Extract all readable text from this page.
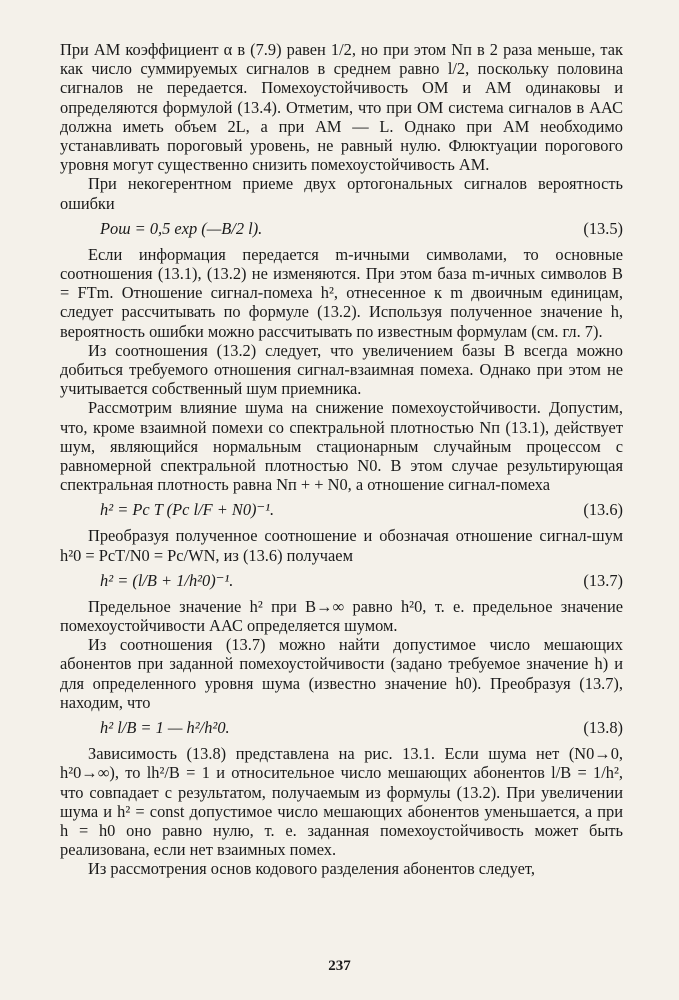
При АМ коэффициент α в (7.9) равен 1/2, но при этом Nп в 2 раза меньше, так как число суммируемых сигналов в среднем равно l/2, поскольку половина сигналов не передается. Помехоустойчивость ОМ и АМ одинаковы и определяются формулой (13.4). Отметим, что при ОМ система сигналов в ААС должна иметь объем 2L, а при АМ — L. Однако при АМ необходимо устанавливать пороговый уровень, не равный нулю. Флюктуации порогового уровня могут существенно снизить помехоустойчивость АМ.

При некогерентном приеме двух ортогональных сигналов вероятность ошибки

Pош = 0,5 exp (—B/2 l).	(13.5)

Если информация передается m-ичными символами, то основные соотношения (13.1), (13.2) не изменяются. При этом база m-ичных символов B = FTm. Отношение сигнал-помеха h², отнесенное к m двоичным единицам, следует рассчитывать по формуле (13.2). Используя полученное значение h, вероятность ошибки можно рассчитывать по известным формулам (см. гл. 7).

Из соотношения (13.2) следует, что увеличением базы B всегда можно добиться требуемого отношения сигнал-взаимная помеха. Однако при этом не учитывается собственный шум приемника.

Рассмотрим влияние шума на снижение помехоустойчивости. Допустим, что, кроме взаимной помехи со спектральной плотностью Nп (13.1), действует шум, являющийся нормальным стационарным случайным процессом с равномерной спектральной плотностью N0. В этом случае результирующая спектральная плотность равна Nп + + N0, а отношение сигнал-помеха

h² = Pc T (Pc l/F + N0)⁻¹.	(13.6)

Преобразуя полученное соотношение и обозначая отношение сигнал-шум h²0 = PcT/N0 = Pc/WN, из (13.6) получаем

h² = (l/B + 1/h²0)⁻¹.	(13.7)

Предельное значение h² при B→∞ равно h²0, т. е. предельное значение помехоустойчивости ААС определяется шумом.

Из соотношения (13.7) можно найти допустимое число мешающих абонентов при заданной помехоустойчивости (задано требуемое значение h) и для определенного уровня шума (известно значение h0). Преобразуя (13.7), находим, что

h² l/B = 1 — h²/h²0.	(13.8)

Зависимость (13.8) представлена на рис. 13.1. Если шума нет (N0→0, h²0→∞), то lh²/B = 1 и относительное число мешающих абонентов l/B = 1/h², что совпадает с результатом, получаемым из формулы (13.2). При увеличении шума и h² = const допустимое число мешающих абонентов уменьшается, а при h = h0 оно равно нулю, т. е. заданная помехоустойчивость может быть реализована, если нет взаимных помех.

Из рассмотрения основ кодового разделения абонентов следует,

237
